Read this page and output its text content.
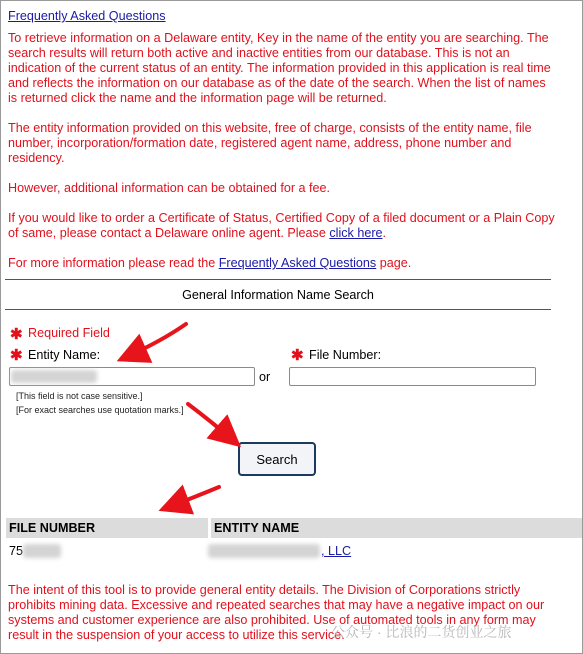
Frequently Asked Questions

To retrieve information on a Delaware entity, Key in the name of the entity you are searching. The search results will return both active and inactive entities from our database. This is not an indication of the current status of an entity. The information provided in this application is real time and reflects the information on our database as of the date of the search. When the list of names is returned click the name and the information page will be returned.

The entity information provided on this website, free of charge, consists of the entity name, file number, incorporation/formation date, registered agent name, address, phone number and residency.

However, additional information can be obtained for a fee.

If you would like to order a Certificate of Status, Certified Copy of a filed document or a Plain Copy of same, please contact a Delaware online agent. Please click here.

For more information please read the Frequently Asked Questions page.

General Information Name Search
✱ Required Field
✱ Entity Name:
or
✱ File Number:
[This field is not case sensitive.]
[For exact searches use quotation marks.]
Search
FILE NUMBER	ENTITY NAME
75	, LLC

The intent of this tool is to provide general entity details. The Division of Corporations strictly prohibits mining data. Excessive and repeated searches that may have a negative impact on our systems and customer experience are also prohibited. Use of automated tools in any form may result in the suspension of your access to utilize this service.

公众号 · 比浪的二货创业之旅
